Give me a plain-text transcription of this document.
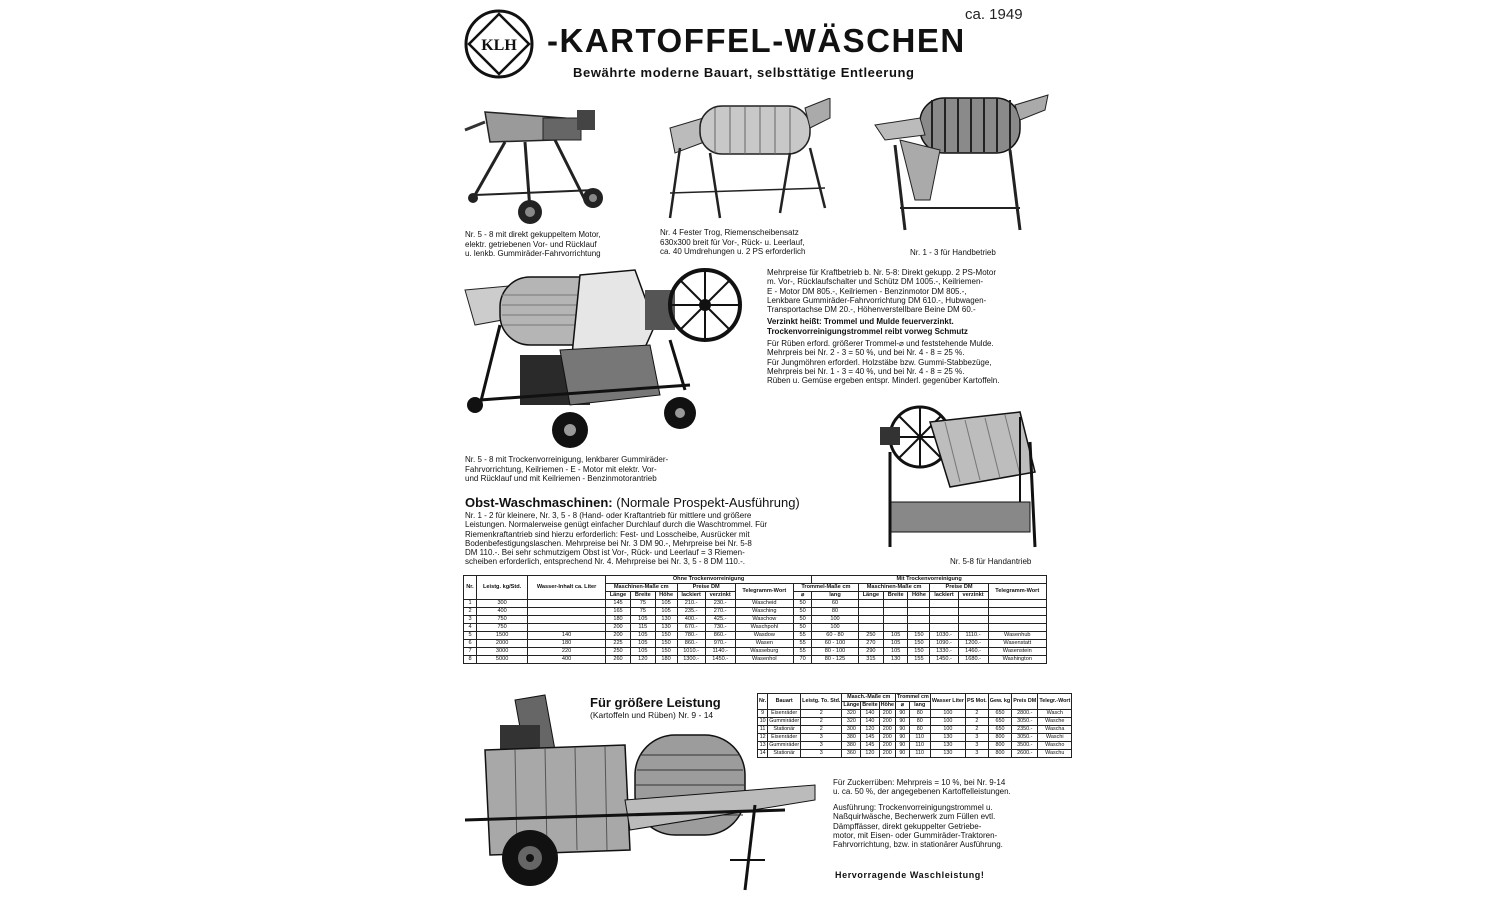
KLH
ca. 1949
-KARTOFFEL-WÄSCHEN
Bewährte moderne Bauart, selbsttätige Entleerung
Nr. 5 - 8 mit direkt gekuppeltem Motor,
elektr. getriebenen Vor- und Rücklauf
u. lenkb. Gummiräder-Fahrvorrichtung
Nr. 4 Fester Trog, Riemenscheibensatz
630x300 breit für Vor-, Rück- u. Leerlauf,
ca. 40 Umdrehungen u. 2 PS erforderlich	Nr. 1 - 3 für Handbetrieb
Nr. 5 - 8 mit Trockenvorreinigung, lenkbarer Gummiräder-
Fahrvorrichtung, Keilriemen - E - Motor mit elektr. Vor-
und Rücklauf und mit Keilriemen - Benzinmotorantrieb

Mehrpreise für Kraftbetrieb b. Nr. 5-8: Direkt gekupp. 2 PS-Motor
m. Vor-, Rücklaufschalter und Schütz DM 1005.-, Keilriemen-
E - Motor DM 805.-, Keilriemen - Benzinmotor DM 805.-,
Lenkbare Gummiräder-Fahrvorrichtung DM 610.-, Hubwagen-
Transportachse DM 20.-, Höhenverstellbare Beine DM 60.-

Verzinkt heißt: Trommel und Mulde feuerverzinkt.
Trockenvorreinigungstrommel reibt vorweg Schmutz

Für Rüben erford. größerer Trommel-⌀ und feststehende Mulde.
Mehrpreis bei Nr. 2 - 3 = 50 %, und bei Nr. 4 - 8 = 25 %.
Für Jungmöhren erforderl. Holzstäbe bzw. Gummi-Stabbezüge,
Mehrpreis bei Nr. 1 - 3 = 40 %, und bei Nr. 4 - 8 = 25 %.
Rüben u. Gemüse ergeben entspr. Minderl. gegenüber Kartoffeln.

Nr. 5-8 für Handantrieb
Obst-Waschmaschinen: (Normale Prospekt-Ausführung)
Nr. 1 - 2 für kleinere, Nr. 3, 5 - 8 (Hand- oder Kraftantrieb für mittlere und größere
Leistungen. Normalerweise genügt einfacher Durchlauf durch die Waschtrommel. Für
Riemenkraftantrieb sind hierzu erforderlich: Fest- und Losscheibe, Ausrücker mit
Bodenbefestigungslaschen. Mehrpreise bei Nr. 3 DM 90.-, Mehrpreise bei Nr. 5-8
DM 110.-. Bei sehr schmutzigem Obst ist Vor-, Rück- und Leerlauf = 3 Riemen-
scheiben erforderlich, entsprechend Nr. 4. Mehrpreise bei Nr. 3, 5 - 8 DM 110.-.
Nr.	Leistg. kg/Std.	Wasser-Inhalt ca. Liter	Ohne Trockenvorreinigung							Mit Trockenvorreinigung						
			Maschinen-Maße cm			Preise DM		Telegramm-Wort	Trommel-Maße cm		Maschinen-Maße cm			Preise DM		Telegramm-Wort
			Länge	Breite	Höhe	lackiert	verzinkt		⌀	lang	Länge	Breite	Höhe	lackiert	verzinkt	
1	300		145	75	105	210.-	230.-	Wascheid	50	60						
2	400		165	75	105	235.-	270.-	Wasching	50	80						
3	750		180	105	130	400.-	425.-	Waschow	50	100						
4	750		200	115	130	670.-	730.-	Waschpohl	50	100						
5	1500	140	200	105	150	780.-	860.-	Wasdow	55	60 - 80	250	105	150	1030.-	1110.-	Wasenhub
6	2000	180	225	105	150	860.-	970.-	Wasen	55	60 - 100	270	105	150	1090.-	1200.-	Wasenstatt
7	3000	220	250	105	150	1010.-	1140.-	Wasseburg	55	80 - 100	290	105	150	1330.-	1460.-	Wasenstein
8	5000	400	260	120	180	1300.-	1450.-	Wasenhol	70	80 - 125	315	130	155	1450.-	1680.-	Washington
Für größere Leistung
(Kartoffeln und Rüben) Nr. 9 - 14
Nr.	Bauart	Leistg. To. Std.	Masch.-Maße cm			Trommel cm		Wasser Liter	PS Mot.	Gew. kg	Preis DM	Telegr.-Wort
			Länge	Breite	Höhe	⌀	lang					
9	Eisenräder	2	320	140	200	90	80	100	2	650	2800.-	Wasch
10	Gummiräder	2	320	140	200	90	80	100	2	650	3050.-	Wasche
11	Stationär	2	300	120	200	90	80	100	2	650	2350.-	Wascha
12	Eisenräder	3	380	145	200	90	110	130	3	800	3050.-	Waschi
13	Gummiräder	3	380	145	200	90	110	130	3	800	3500.-	Wascho
14	Stationär	3	360	120	200	90	110	130	3	800	2600.-	Waschu
Für Zuckerrüben: Mehrpreis = 10 %, bei Nr. 9-14
u. ca. 50 %, der angegebenen Kartoffelleistungen.
Ausführung: Trockenvorreinigungstrommel u.
Naßquirlwäsche, Becherwerk zum Füllen evtl.
Dämpffässer, direkt gekuppelter Getriebe-
motor, mit Eisen- oder Gummiräder-Traktoren-
Fahrvorrichtung, bzw. in stationärer Ausführung.
Hervorragende Waschleistung!
